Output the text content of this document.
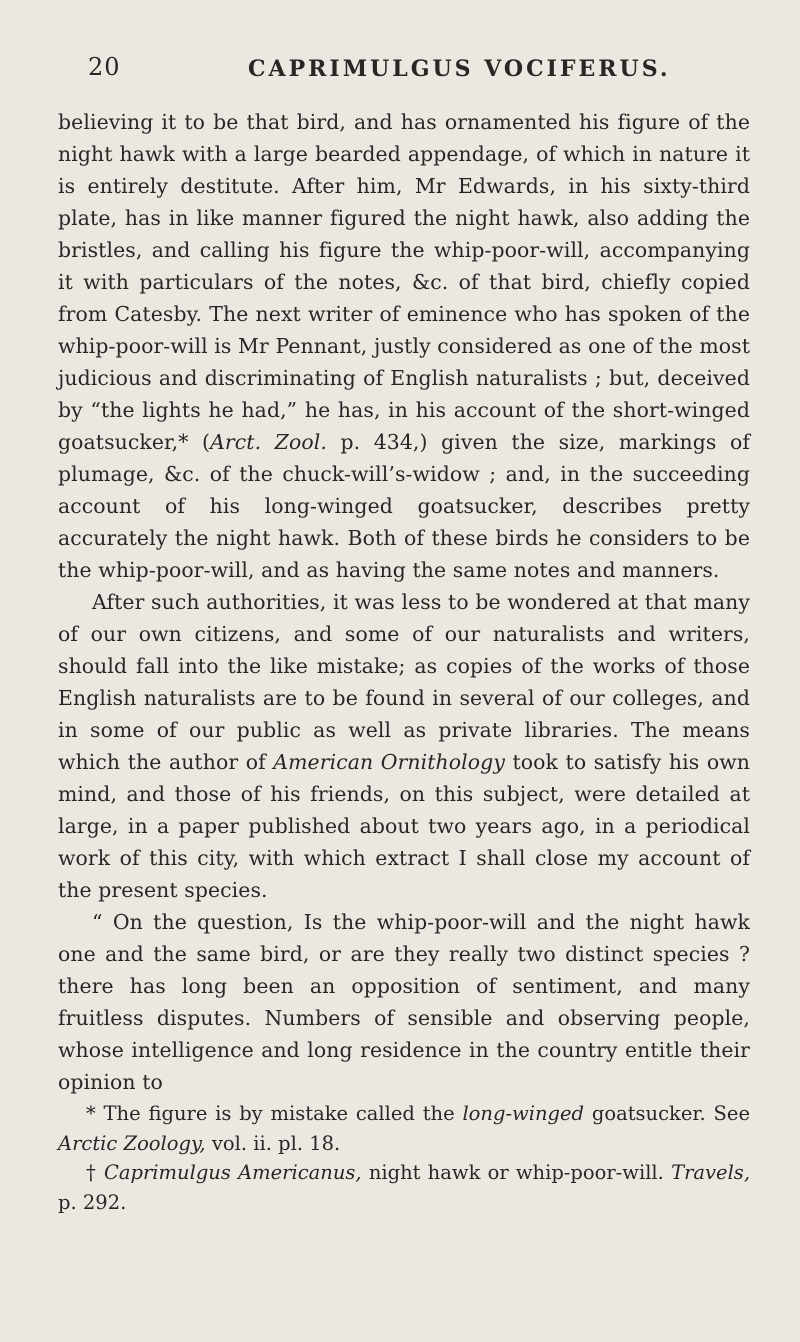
20	CAPRIMULGUS VOCIFERUS.

believing it to be that bird, and has ornamented his figure of the night hawk with a large bearded appendage, of which in nature it is entirely destitute. After him, Mr Edwards, in his sixty-third plate, has in like manner figured the night hawk, also adding the bristles, and calling his figure the whip-poor-will, accompanying it with particulars of the notes, &c. of that bird, chiefly copied from Catesby. The next writer of eminence who has spoken of the whip-poor-will is Mr Pennant, justly considered as one of the most judicious and discriminating of English naturalists ; but, deceived by “the lights he had,” he has, in his account of the short-winged goatsucker,* (Arct. Zool. p. 434,) given the size, markings of plumage, &c. of the chuck-will’s-widow ; and, in the succeeding account of his long-winged goatsucker, describes pretty accurately the night hawk. Both of these birds he considers to be the whip-poor-will, and as having the same notes and manners.

After such authorities, it was less to be wondered at that many of our own citizens, and some of our naturalists and writers, should fall into the like mistake; as copies of the works of those English naturalists are to be found in several of our colleges, and in some of our public as well as private libraries. The means which the author of American Ornithology took to satisfy his own mind, and those of his friends, on this subject, were detailed at large, in a paper published about two years ago, in a periodical work of this city, with which extract I shall close my account of the present species.

“ On the question, Is the whip-poor-will and the night hawk one and the same bird, or are they really two distinct species ? there has long been an opposition of sentiment, and many fruitless disputes. Numbers of sensible and observing people, whose intelligence and long residence in the country entitle their opinion to

* The figure is by mistake called the long-winged goatsucker. See Arctic Zoology, vol. ii. pl. 18.

† Caprimulgus Americanus, night hawk or whip-poor-will. Travels, p. 292.
